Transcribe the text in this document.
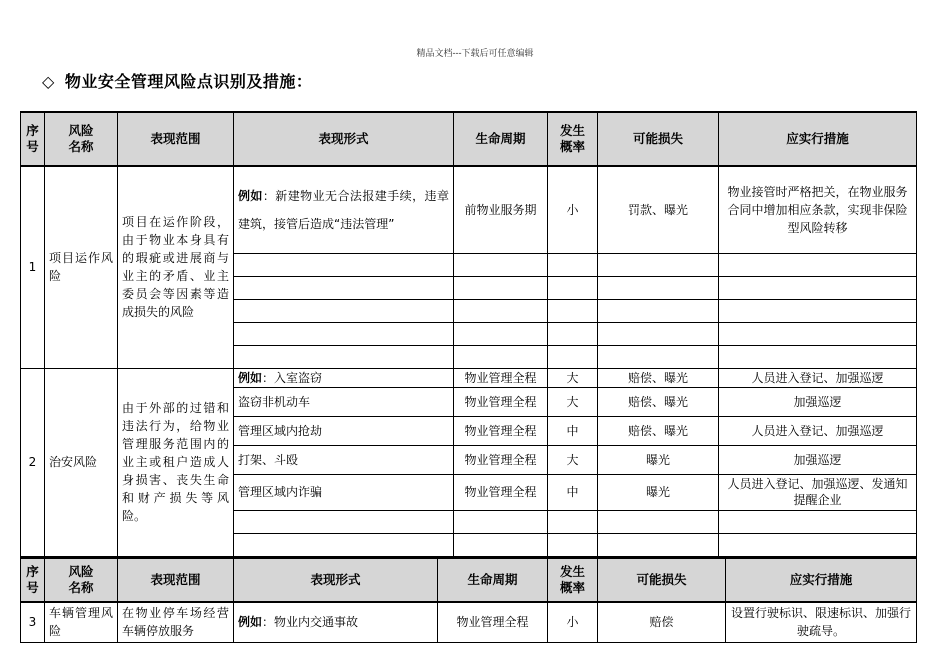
精品文档---下载后可任意编辑
◇ 物业安全管理风险点识别及措施：
序
号	风险
名称	表现范围	表现形式	生命周期	发生
概率	可能损失	应实行措施
1	项目运作风险	项目在运作阶段，由于物业本身具有的瑕疵或进展商与业主的矛盾、业主委员会等因素等造成损失的风险	例如：新建物业无合法报建手续，违章建筑，接管后造成“违法管理”	前物业服务期	小	罚款、曝光	物业接管时严格把关，在物业服务合同中增加相应条款，实现非保险型风险转移

2	治安风险	由于外部的过错和违法行为，给物业管理服务范围内的业主或租户造成人身损害、丧失生命和财产损失等风险。	例如：入室盗窃	物业管理全程	大	赔偿、曝光	人员进入登记、加强巡逻
			盗窃非机动车	物业管理全程	大	赔偿、曝光	加强巡逻
			管理区域内抢劫	物业管理全程	中	赔偿、曝光	人员进入登记、加强巡逻
			打架、斗殴	物业管理全程	大	曝光	加强巡逻
			管理区域内诈骗	物业管理全程	中	曝光	人员进入登记、加强巡逻、发通知提醒企业

序
号	风险
名称	表现范围	表现形式	生命周期	发生
概率	可能损失	应实行措施
3	车辆管理风险	在物业停车场经营车辆停放服务	例如：物业内交通事故	物业管理全程	小	赔偿	设置行驶标识、限速标识、加强行驶疏导。
